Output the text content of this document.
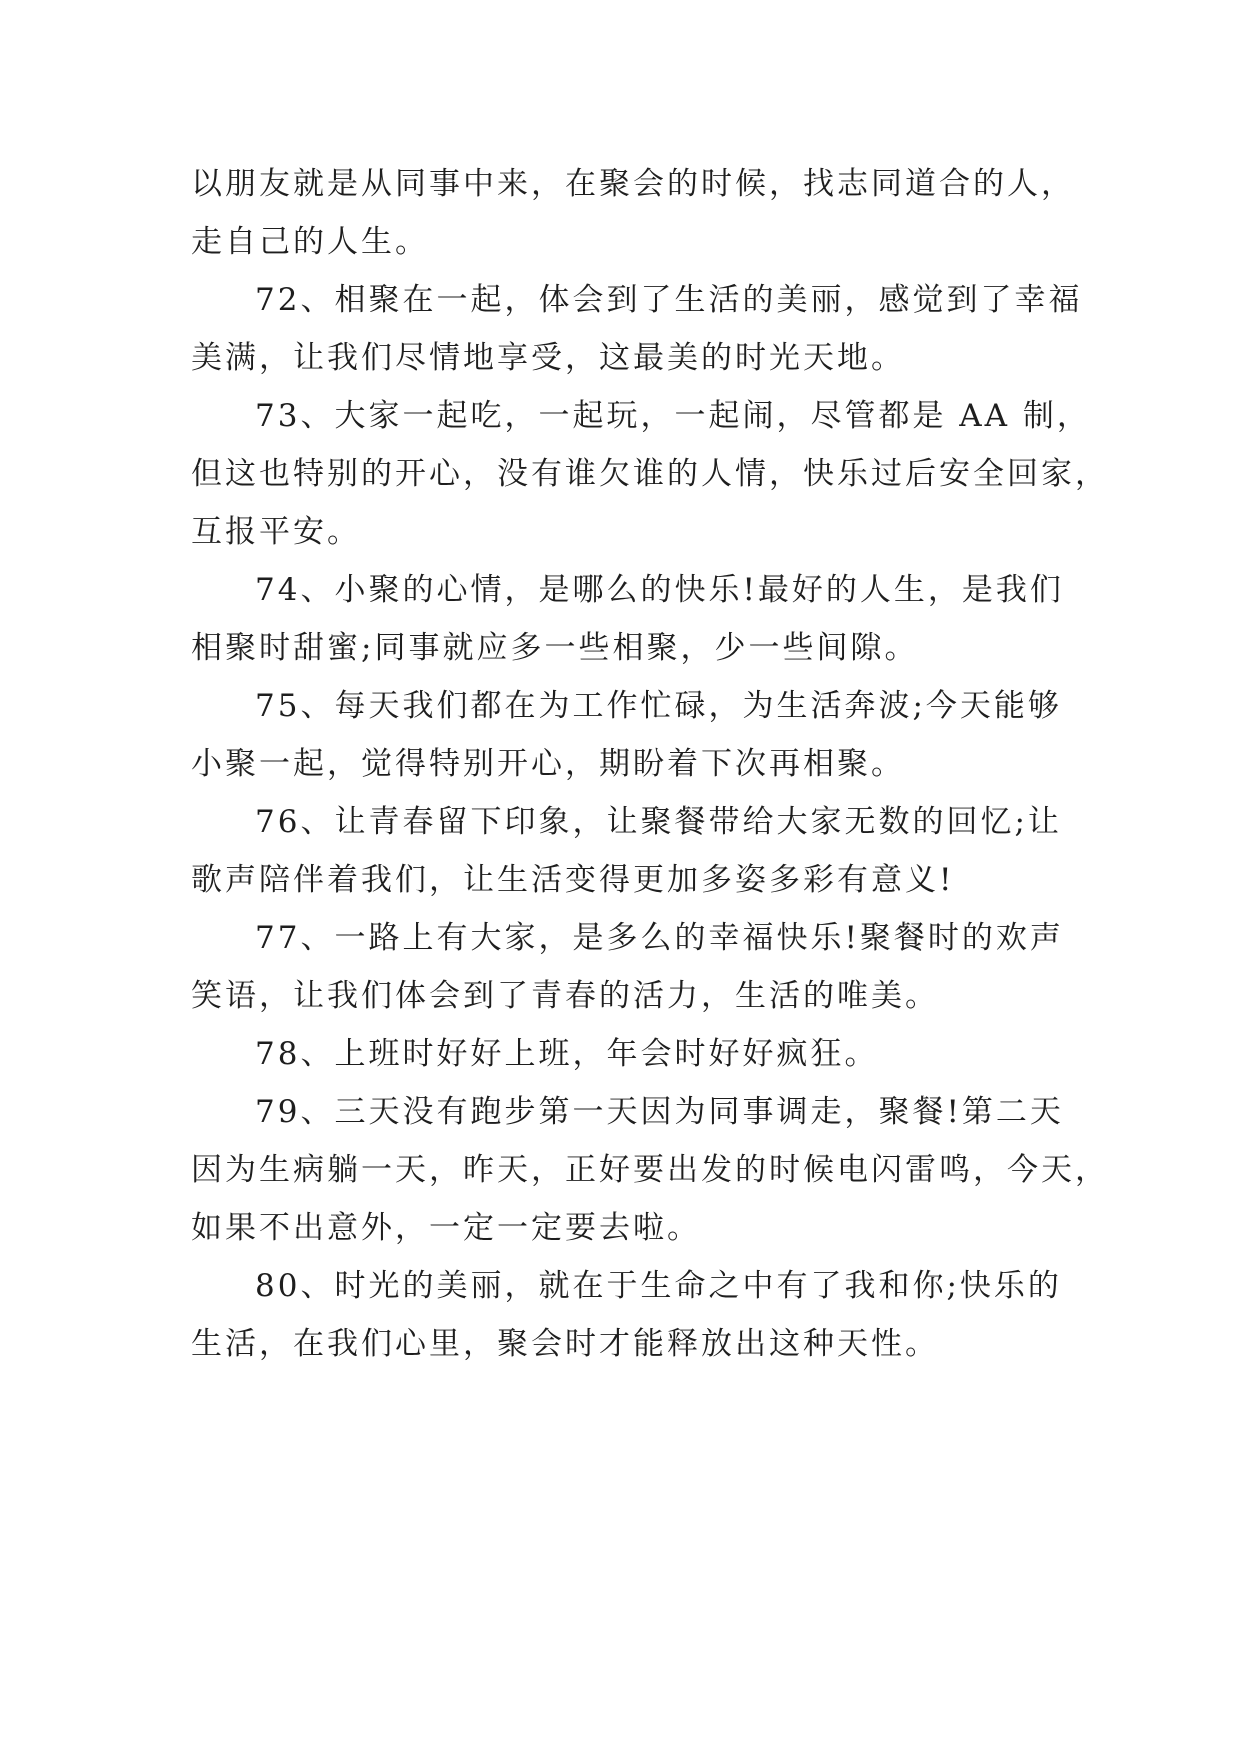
以朋友就是从同事中来，在聚会的时候，找志同道合的人，
走自己的人生。
72、相聚在一起，体会到了生活的美丽，感觉到了幸福
美满，让我们尽情地享受，这最美的时光天地。
73、大家一起吃，一起玩，一起闹，尽管都是 AA 制，
但这也特别的开心，没有谁欠谁的人情，快乐过后安全回家，
互报平安。
74、小聚的心情，是哪么的快乐!最好的人生，是我们
相聚时甜蜜;同事就应多一些相聚，少一些间隙。
75、每天我们都在为工作忙碌，为生活奔波;今天能够
小聚一起，觉得特别开心，期盼着下次再相聚。
76、让青春留下印象，让聚餐带给大家无数的回忆;让
歌声陪伴着我们，让生活变得更加多姿多彩有意义!
77、一路上有大家，是多么的幸福快乐!聚餐时的欢声
笑语，让我们体会到了青春的活力，生活的唯美。
78、上班时好好上班，年会时好好疯狂。
79、三天没有跑步第一天因为同事调走，聚餐!第二天
因为生病躺一天，昨天，正好要出发的时候电闪雷鸣，今天，
如果不出意外，一定一定要去啦。
80、时光的美丽，就在于生命之中有了我和你;快乐的
生活，在我们心里，聚会时才能释放出这种天性。
